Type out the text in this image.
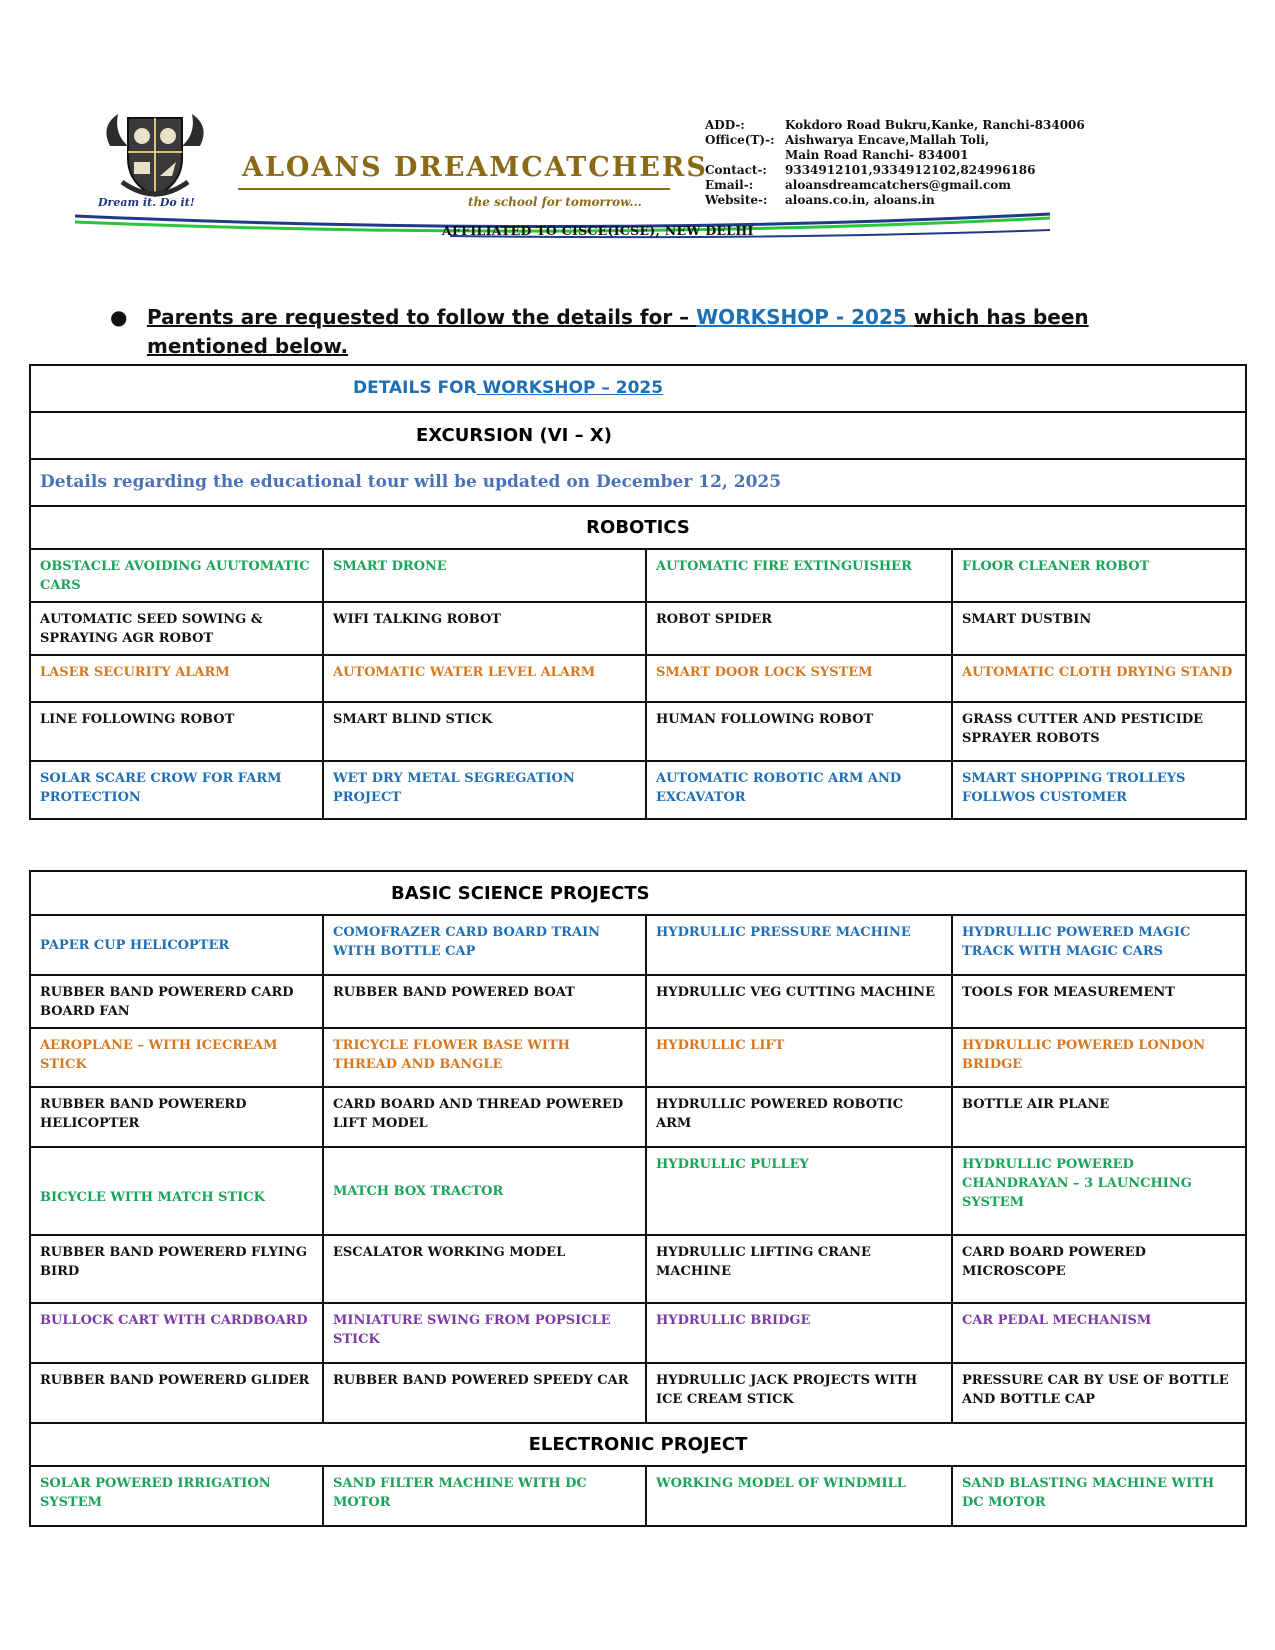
Dream it. Do it!
ALOANS DREAMCATCHERS
the school for tomorrow...
ADD-:	Kokdoro Road Bukru,Kanke, Ranchi-834006
Office(T)-: Aishwarya Encave,Mallah Toli,
Main Road Ranchi- 834001
Contact-:	9334912101,9334912102,824996186
Email-:	aloansdreamcatchers@gmail.com
Website-:	aloans.co.in, aloans.in
AFFILIATED TO CISCE(ICSE), NEW DELHI
● Parents are requested to follow the details for – WORKSHOP - 2025 which has been mentioned below.
DETAILS FOR WORKSHOP – 2025			
EXCURSION (VI – X)			
Details regarding the educational tour will be updated on December 12, 2025			
ROBOTICS			
OBSTACLE AVOIDING AUUTOMATIC CARS	SMART DRONE	AUTOMATIC FIRE EXTINGUISHER	FLOOR CLEANER ROBOT
AUTOMATIC SEED SOWING & SPRAYING AGR ROBOT	WIFI TALKING ROBOT	ROBOT SPIDER	SMART DUSTBIN
LASER SECURITY ALARM	AUTOMATIC WATER LEVEL ALARM	SMART DOOR LOCK SYSTEM	AUTOMATIC CLOTH DRYING STAND
LINE FOLLOWING ROBOT	SMART BLIND STICK	HUMAN FOLLOWING ROBOT	GRASS CUTTER AND PESTICIDE SPRAYER ROBOTS
SOLAR SCARE CROW FOR FARM PROTECTION	WET DRY METAL SEGREGATION PROJECT	AUTOMATIC ROBOTIC ARM AND EXCAVATOR	SMART SHOPPING TROLLEYS FOLLWOS CUSTOMER
BASIC SCIENCE PROJECTS			
PAPER CUP HELICOPTER	COMOFRAZER CARD BOARD TRAIN WITH BOTTLE CAP	HYDRULLIC PRESSURE MACHINE	HYDRULLIC POWERED MAGIC TRACK WITH MAGIC CARS
RUBBER BAND POWERERD CARD BOARD FAN	RUBBER BAND POWERED BOAT	HYDRULLIC VEG CUTTING MACHINE	TOOLS FOR MEASUREMENT
AEROPLANE – WITH ICECREAM STICK	TRICYCLE FLOWER BASE WITH THREAD AND BANGLE	HYDRULLIC LIFT	HYDRULLIC POWERED LONDON BRIDGE
RUBBER BAND POWERERD HELICOPTER	CARD BOARD AND THREAD POWERED LIFT MODEL	HYDRULLIC POWERED ROBOTIC ARM	BOTTLE AIR PLANE
BICYCLE WITH MATCH STICK	MATCH BOX TRACTOR	HYDRULLIC PULLEY	HYDRULLIC POWERED CHANDRAYAN – 3 LAUNCHING SYSTEM
RUBBER BAND POWERERD FLYING BIRD	ESCALATOR WORKING MODEL	HYDRULLIC LIFTING CRANE MACHINE	CARD BOARD POWERED MICROSCOPE
BULLOCK CART WITH CARDBOARD	MINIATURE SWING FROM POPSICLE STICK	HYDRULLIC BRIDGE	CAR PEDAL MECHANISM
RUBBER BAND POWERERD GLIDER	RUBBER BAND POWERED SPEEDY CAR	HYDRULLIC JACK PROJECTS WITH ICE CREAM STICK	PRESSURE CAR BY USE OF BOTTLE AND BOTTLE CAP
ELECTRONIC PROJECT			
SOLAR POWERED IRRIGATION SYSTEM	SAND FILTER MACHINE WITH DC MOTOR	WORKING MODEL OF WINDMILL	SAND BLASTING MACHINE WITH DC MOTOR
